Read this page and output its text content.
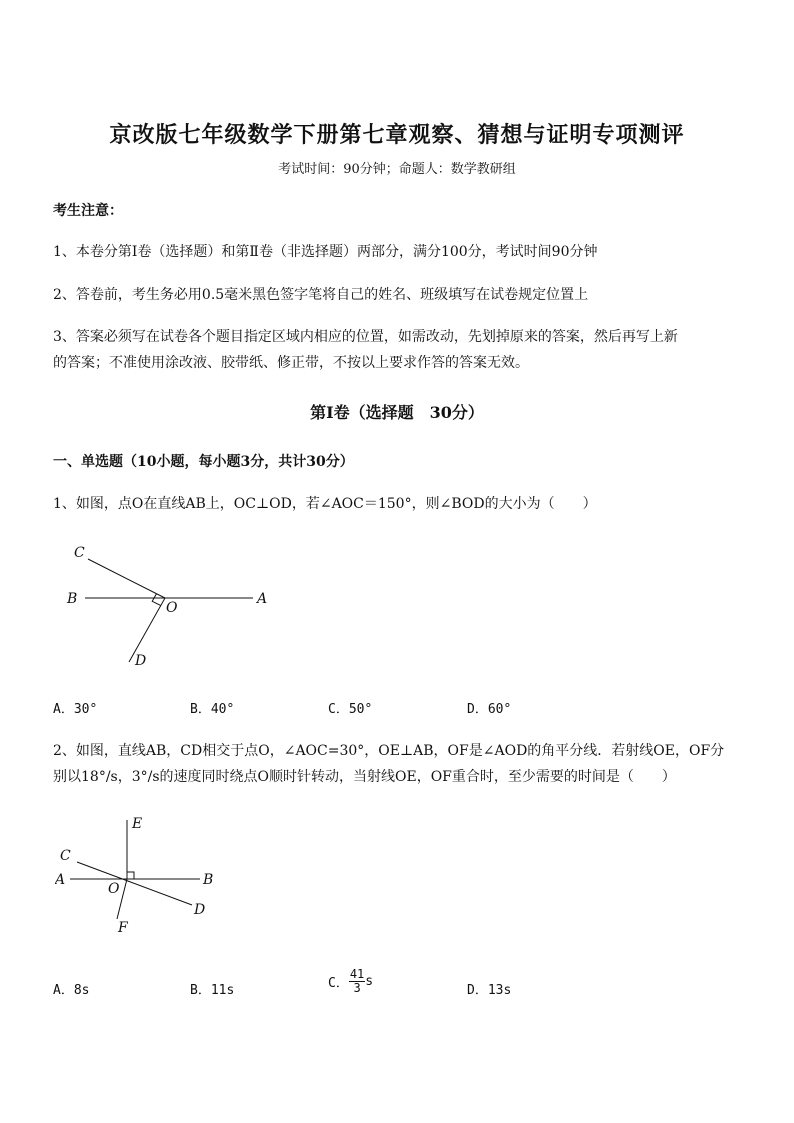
京改版七年级数学下册第七章观察、猜想与证明专项测评
考试时间：90分钟；命题人：数学教研组
考生注意：
1、本卷分第Ⅰ卷（选择题）和第Ⅱ卷（非选择题）两部分，满分100分，考试时间90分钟
2、答卷前，考生务必用0.5毫米黑色签字笔将自己的姓名、班级填写在试卷规定位置上
3、答案必须写在试卷各个题目指定区域内相应的位置，如需改动，先划掉原来的答案，然后再写上新
的答案；不准使用涂改液、胶带纸、修正带，不按以上要求作答的答案无效。
第Ⅰ卷（选择题　30分）
一、单选题（10小题，每小题3分，共计30分）
1、如图，点O在直线AB上，OC⊥OD，若∠AOC＝150°，则∠BOD的大小为（　　）
C
B
O
A
D
A．30°	B．40°	C．50°	D．60°
2、如图，直线AB，CD相交于点O，∠AOC=30°，OE⊥AB，OF是∠AOD的角平分线．若射线OE，OF分
别以18°/s，3°/s的速度同时绕点O顺时针转动，当射线OE，OF重合时，至少需要的时间是（　　）
E
C
A
O
B
D
F
A．8s	B．11s	C． $\frac{41}{3}$ s
D．13s
